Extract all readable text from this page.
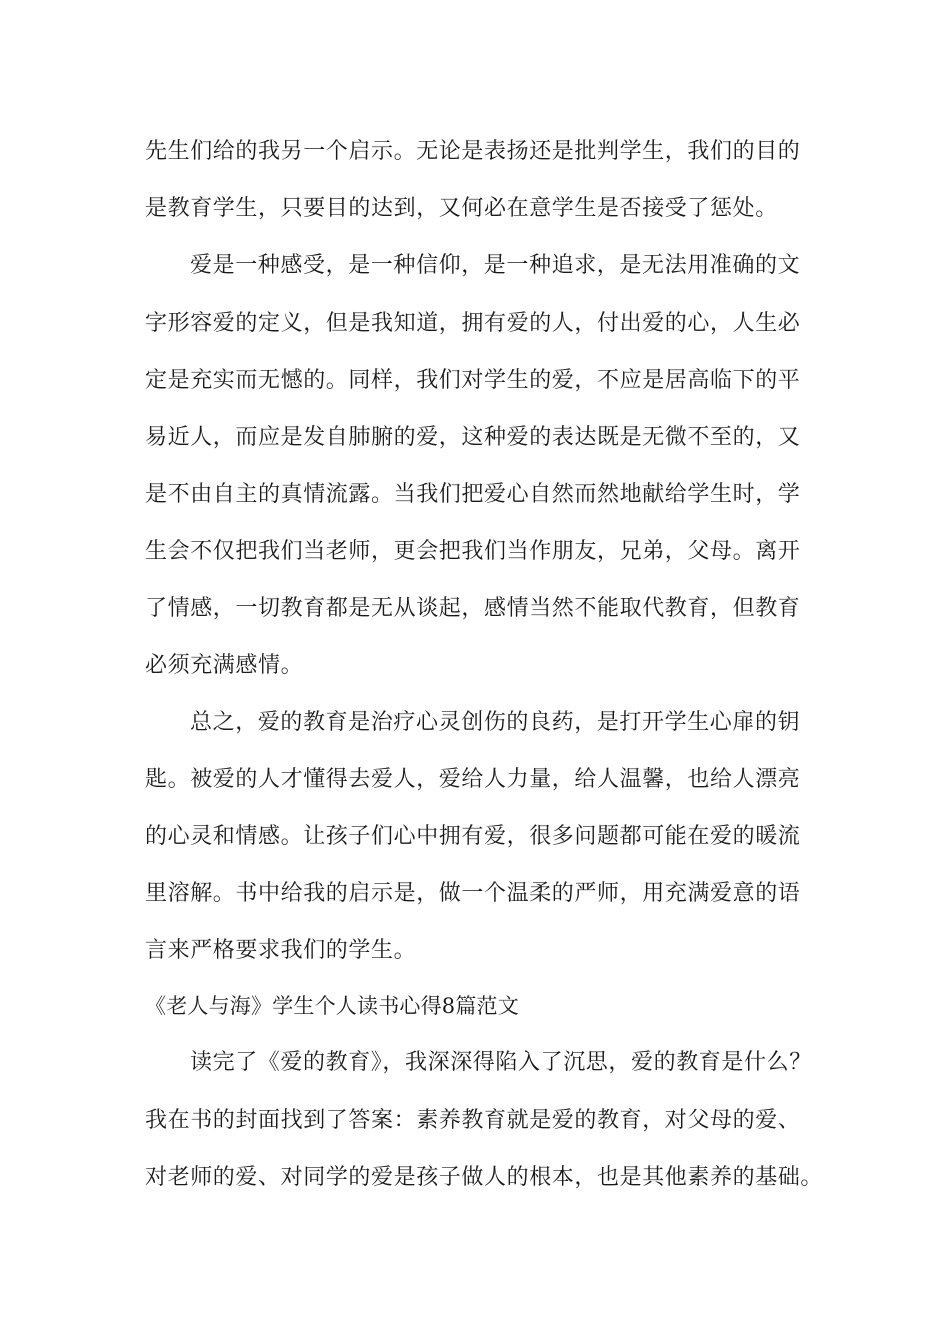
先生们给的我另一个启示。无论是表扬还是批判学生，我们的目的
是教育学生，只要目的达到，又何必在意学生是否接受了惩处。
爱是一种感受，是一种信仰，是一种追求，是无法用准确的文
字形容爱的定义，但是我知道，拥有爱的人，付出爱的心，人生必
定是充实而无憾的。同样，我们对学生的爱，不应是居高临下的平
易近人，而应是发自肺腑的爱，这种爱的表达既是无微不至的，又
是不由自主的真情流露。当我们把爱心自然而然地献给学生时，学
生会不仅把我们当老师，更会把我们当作朋友，兄弟，父母。离开
了情感，一切教育都是无从谈起，感情当然不能取代教育，但教育
必须充满感情。
总之，爱的教育是治疗心灵创伤的良药，是打开学生心扉的钥
匙。被爱的人才懂得去爱人，爱给人力量，给人温馨，也给人漂亮
的心灵和情感。让孩子们心中拥有爱，很多问题都可能在爱的暖流
里溶解。书中给我的启示是，做一个温柔的严师，用充满爱意的语
言来严格要求我们的学生。
《老人与海》学生个人读书心得8篇范文
读完了《爱的教育》，我深深得陷入了沉思，爱的教育是什么？
我在书的封面找到了答案：素养教育就是爱的教育，对父母的爱、
对老师的爱、对同学的爱是孩子做人的根本，也是其他素养的基础。
